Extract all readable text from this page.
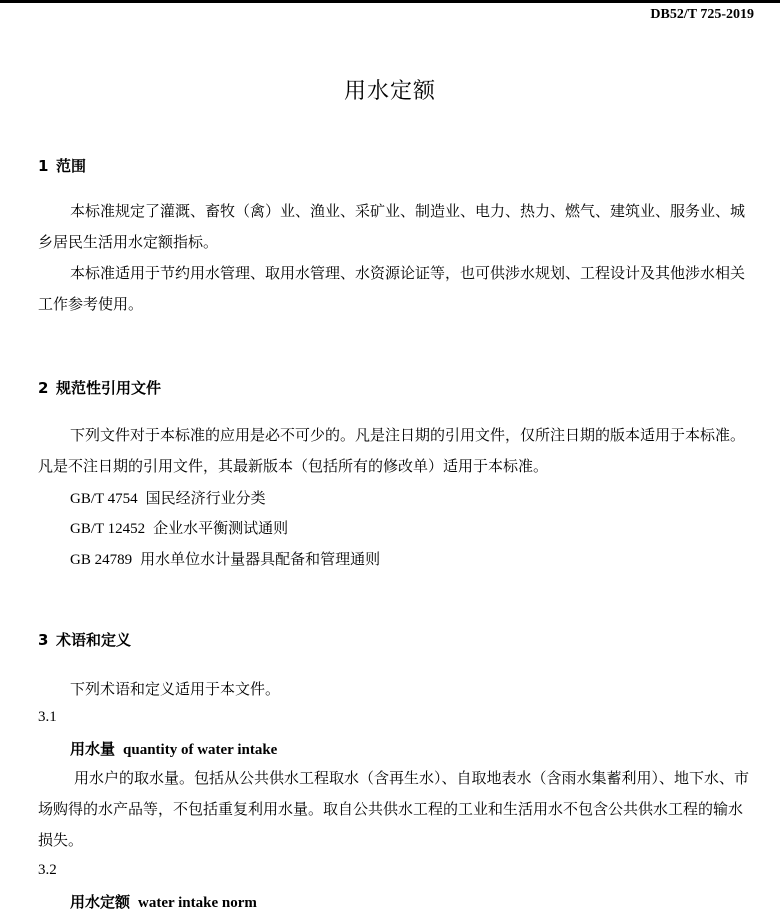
DB52/T 725-2019
用水定额
1 范围
本标准规定了灌溉、畜牧（禽）业、渔业、采矿业、制造业、电力、热力、燃气、建筑业、服务业、城乡居民生活用水定额指标。
本标准适用于节约用水管理、取用水管理、水资源论证等，也可供涉水规划、工程设计及其他涉水相关工作参考使用。
2 规范性引用文件
下列文件对于本标准的应用是必不可少的。凡是注日期的引用文件，仅所注日期的版本适用于本标准。凡是不注日期的引用文件，其最新版本（包括所有的修改单）适用于本标准。
GB/T 4754 国民经济行业分类
GB/T 12452 企业水平衡测试通则
GB 24789 用水单位水计量器具配备和管理通则
3 术语和定义
下列术语和定义适用于本文件。
3.1
用水量 quantity of water intake
用水户的取水量。包括从公共供水工程取水（含再生水）、自取地表水（含雨水集蓄利用）、地下水、市场购得的水产品等，不包括重复利用水量。取自公共供水工程的工业和生活用水不包含公共供水工程的输水损失。
3.2
用水定额 water intake norm
